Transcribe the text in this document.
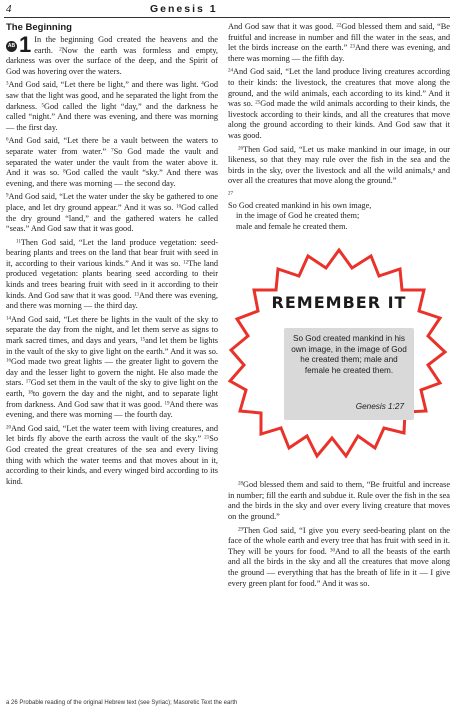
4	Genesis 1
The Beginning

AB 1 In the beginning God created the heavens and the earth. $^2$Now the earth was formless and empty, darkness was over the surface of the deep, and the Spirit of God was hovering over the waters.

$^3$And God said, “Let there be light,” and there was light. $^4$God saw that the light was good, and he separated the light from the darkness. $^5$God called the light “day,” and the darkness he called “night.” And there was evening, and there was morning — the first day.

$^6$And God said, “Let there be a vault between the waters to separate water from water.” $^7$So God made the vault and separated the water under the vault from the water above it. And it was so. $^8$God called the vault “sky.” And there was evening, and there was morning — the second day.

$^9$And God said, “Let the water under the sky be gathered to one place, and let dry ground appear.” And it was so. $^{10}$God called the dry ground “land,” and the gathered waters he called “seas.” And God saw that it was good.

$^{11}$Then God said, “Let the land produce vegetation: seed-bearing plants and trees on the land that bear fruit with seed in it, according to their various kinds.” And it was so. $^{12}$The land produced vegetation: plants bearing seed according to their kinds and trees bearing fruit with seed in it according to their kinds. And God saw that it was good. $^{13}$And there was evening, and there was morning — the third day.

$^{14}$And God said, “Let there be lights in the vault of the sky to separate the day from the night, and let them serve as signs to mark sacred times, and days and years, $^{15}$and let them be lights in the vault of the sky to give light on the earth.” And it was so. $^{16}$God made two great lights — the greater light to govern the day and the lesser light to govern the night. He also made the stars. $^{17}$God set them in the vault of the sky to give light on the earth, $^{18}$to govern the day and the night, and to separate light from darkness. And God saw that it was good. $^{19}$And there was evening, and there was morning — the fourth day.

$^{20}$And God said, “Let the water teem with living creatures, and let birds fly above the earth across the vault of the sky.” $^{21}$So God created the great creatures of the sea and every living thing with which the water teems and that moves about in it, according to their kinds, and every winged bird according to its kind.

And God saw that it was good. $^{22}$God blessed them and said, “Be fruitful and increase in number and fill the water in the seas, and let the birds increase on the earth.” $^{23}$And there was evening, and there was morning — the fifth day.

$^{24}$And God said, “Let the land produce living creatures according to their kinds: the livestock, the creatures that move along the ground, and the wild animals, each according to its kind.” And it was so. $^{25}$God made the wild animals according to their kinds, the livestock according to their kinds, and all the creatures that move along the ground according to their kinds. And God saw that it was good.

$^{26}$Then God said, “Let us make mankind in our image, in our likeness, so that they may rule over the fish in the sea and the birds in the sky, over the livestock and all the wild animals,$^a$ and over all the creatures that move along the ground.”

$^{27}$
So God created mankind in his own image,
in the image of God he created them;
male and female he created them.
REMEMBER IT
So God created mankind in his own image, in the image of God he created them; male and female he created them.
Genesis 1:27

$^{28}$God blessed them and said to them, “Be fruitful and increase in number; fill the earth and subdue it. Rule over the fish in the sea and the birds in the sky and over every living creature that moves on the ground.”

$^{29}$Then God said, “I give you every seed-bearing plant on the face of the whole earth and every tree that has fruit with seed in it. They will be yours for food. $^{30}$And to all the beasts of the earth and all the birds in the sky and all the creatures that move along the ground — everything that has the breath of life in it — I give every green plant for food.” And it was so.

a 26 Probable reading of the original Hebrew text (see Syriac); Masoretic Text the earth
